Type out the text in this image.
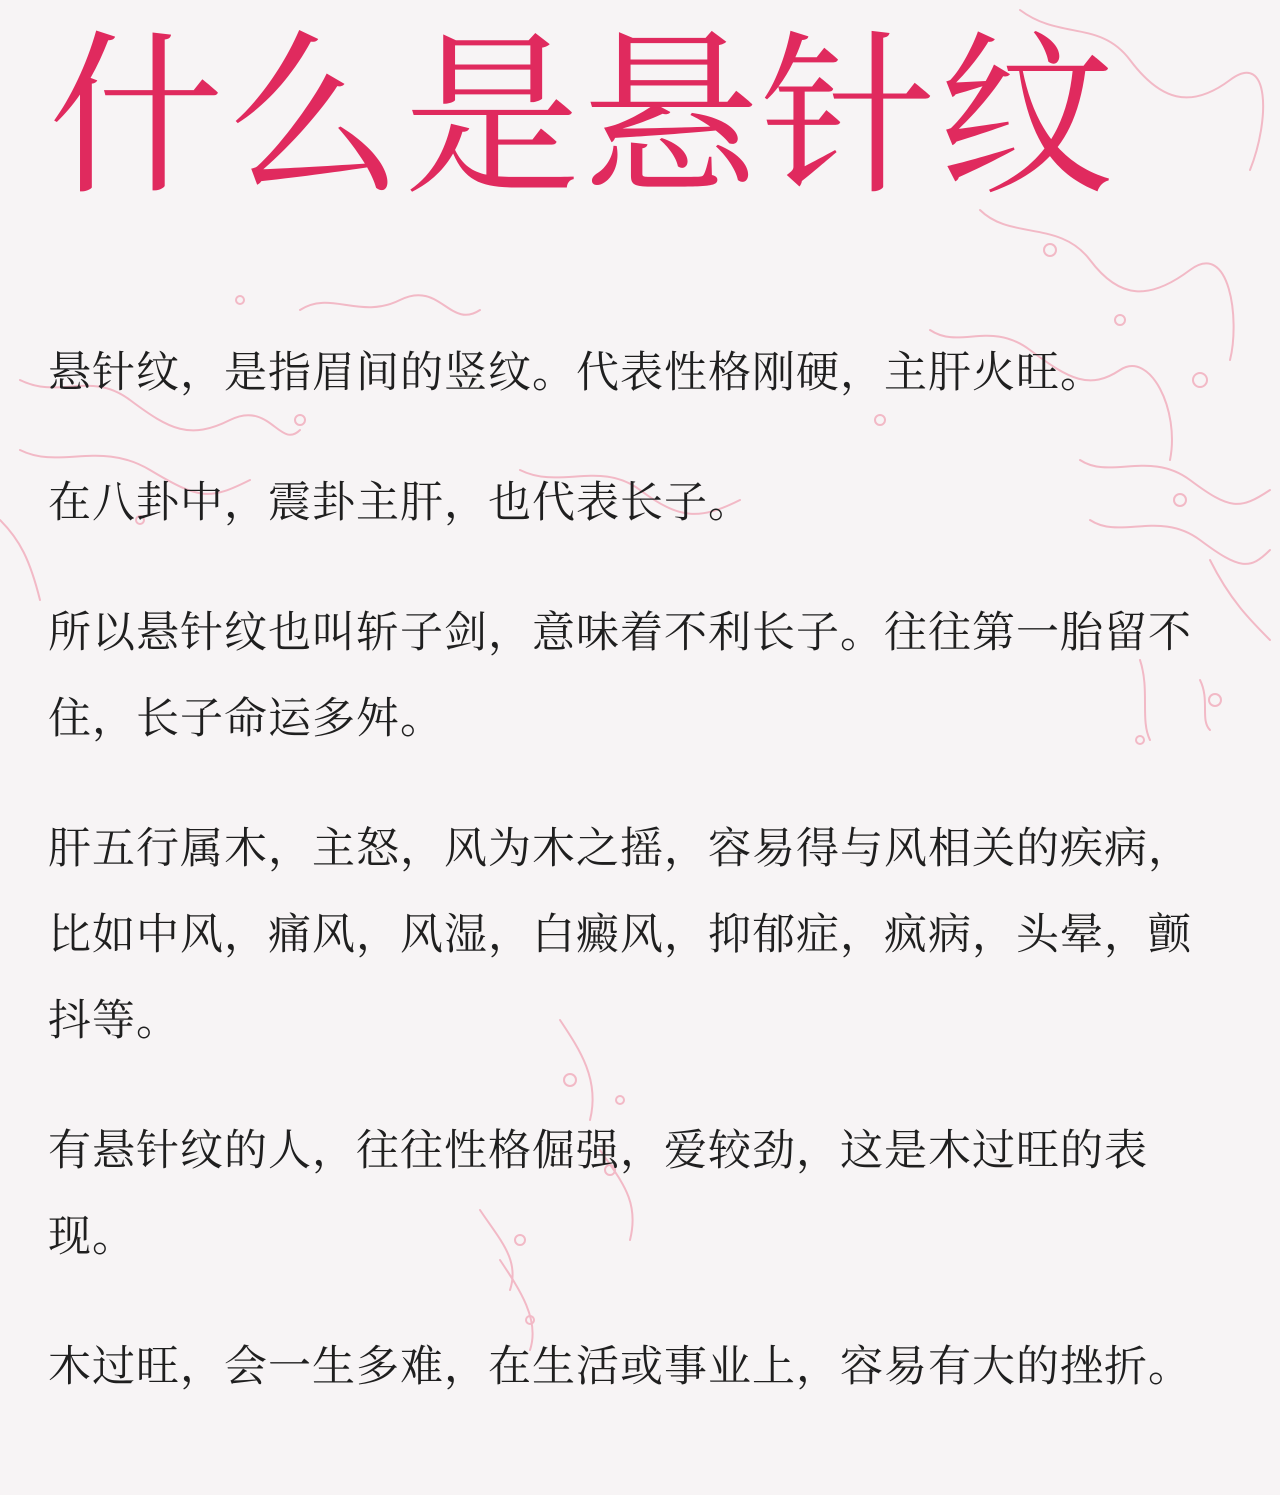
什么是悬针纹

悬针纹，是指眉间的竖纹。代表性格刚硬，主肝火旺。

在八卦中，震卦主肝，也代表长子。

所以悬针纹也叫斩子剑，意味着不利长子。往往第一胎留不住，长子命运多舛。

肝五行属木，主怒，风为木之摇，容易得与风相关的疾病，比如中风，痛风，风湿，白癜风，抑郁症，疯病，头晕，颤抖等。

有悬针纹的人，往往性格倔强，爱较劲，这是木过旺的表现。

木过旺，会一生多难，在生活或事业上，容易有大的挫折。
